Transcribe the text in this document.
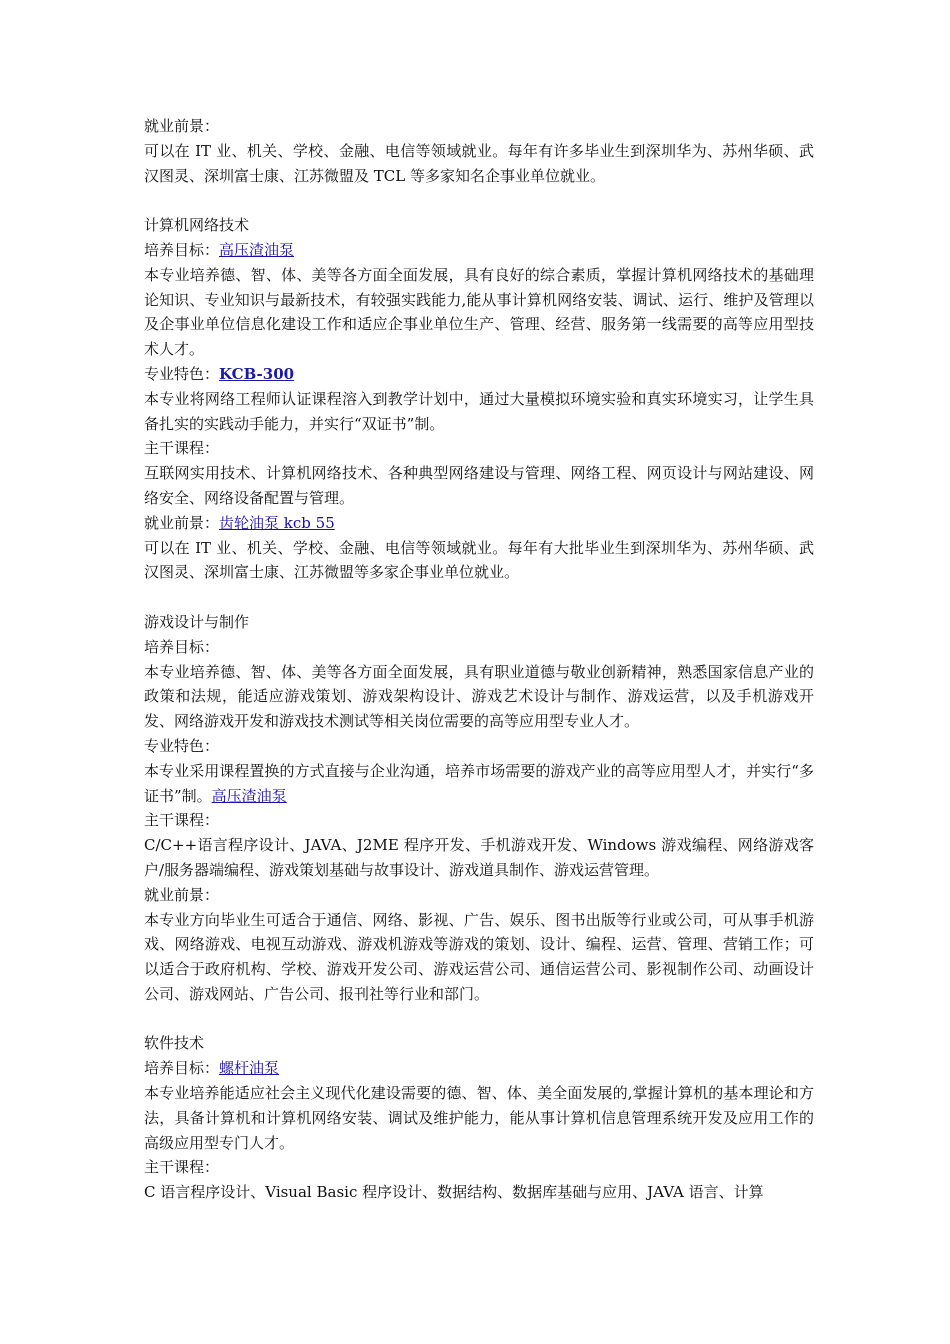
就业前景：

可以在 IT 业、机关、学校、金融、电信等领域就业。每年有许多毕业生到深圳华为、苏州华硕、武汉图灵、深圳富士康、江苏微盟及 TCL 等多家知名企事业单位就业。

计算机网络技术

培养目标：高压渣油泵

本专业培养德、智、体、美等各方面全面发展，具有良好的综合素质，掌握计算机网络技术的基础理论知识、专业知识与最新技术，有较强实践能力,能从事计算机网络安装、调试、运行、维护及管理以及企事业单位信息化建设工作和适应企事业单位生产、管理、经营、服务第一线需要的高等应用型技术人才。

专业特色：KCB-300

本专业将网络工程师认证课程溶入到教学计划中，通过大量模拟环境实验和真实环境实习，让学生具备扎实的实践动手能力，并实行“双证书”制。

主干课程：

互联网实用技术、计算机网络技术、各种典型网络建设与管理、网络工程、网页设计与网站建设、网络安全、网络设备配置与管理。

就业前景：齿轮油泵 kcb 55

可以在 IT 业、机关、学校、金融、电信等领域就业。每年有大批毕业生到深圳华为、苏州华硕、武汉图灵、深圳富士康、江苏微盟等多家企事业单位就业。

游戏设计与制作

培养目标：

本专业培养德、智、体、美等各方面全面发展，具有职业道德与敬业创新精神，熟悉国家信息产业的政策和法规，能适应游戏策划、游戏架构设计、游戏艺术设计与制作、游戏运营，以及手机游戏开发、网络游戏开发和游戏技术测试等相关岗位需要的高等应用型专业人才。

专业特色：

本专业采用课程置换的方式直接与企业沟通，培养市场需要的游戏产业的高等应用型人才，并实行“多证书”制。高压渣油泵

主干课程：

C/C++语言程序设计、JAVA、J2ME 程序开发、手机游戏开发、Windows 游戏编程、网络游戏客户/服务器端编程、游戏策划基础与故事设计、游戏道具制作、游戏运营管理。

就业前景：

本专业方向毕业生可适合于通信、网络、影视、广告、娱乐、图书出版等行业或公司，可从事手机游戏、网络游戏、电视互动游戏、游戏机游戏等游戏的策划、设计、编程、运营、管理、营销工作；可以适合于政府机构、学校、游戏开发公司、游戏运营公司、通信运营公司、影视制作公司、动画设计公司、游戏网站、广告公司、报刊社等行业和部门。

软件技术

培养目标：螺杆油泵

本专业培养能适应社会主义现代化建设需要的德、智、体、美全面发展的,掌握计算机的基本理论和方法，具备计算机和计算机网络安装、调试及维护能力，能从事计算机信息管理系统开发及应用工作的高级应用型专门人才。

主干课程：

C 语言程序设计、Visual Basic 程序设计、数据结构、数据库基础与应用、JAVA 语言、计算
